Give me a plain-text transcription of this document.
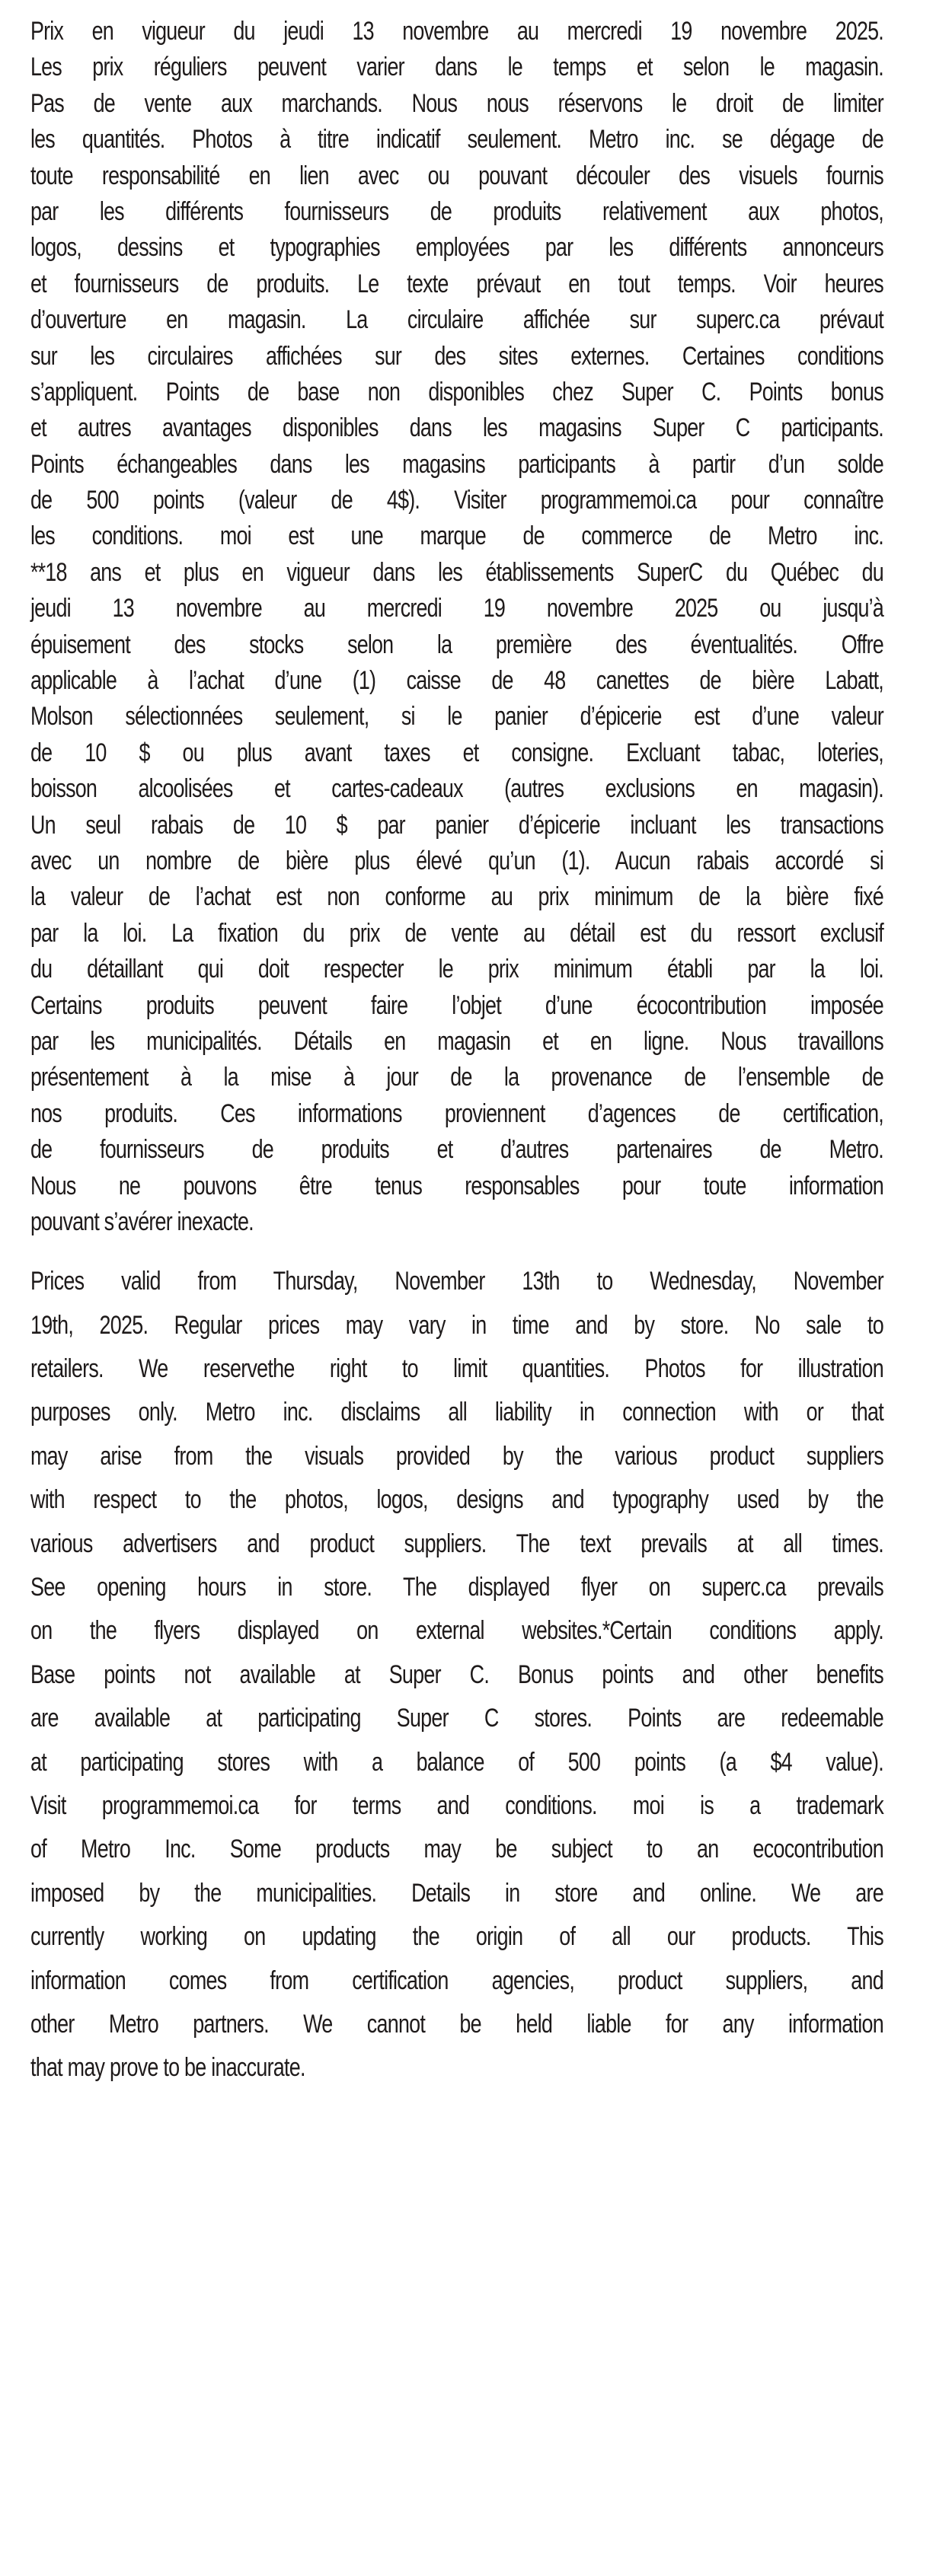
Prix en vigueur du jeudi 13 novembre au mercredi 19 novembre 2025.
Les prix réguliers peuvent varier dans le temps et selon le magasin.
Pas de vente aux marchands. Nous nous réservons le droit de limiter
les quantités. Photos à titre indicatif seulement. Metro inc. se dégage de
toute responsabilité en lien avec ou pouvant découler des visuels fournis
par les différents fournisseurs de produits relativement aux photos,
logos, dessins et typographies employées par les différents annonceurs
et fournisseurs de produits. Le texte prévaut en tout temps. Voir heures
d’ouverture en magasin. La circulaire affichée sur superc.ca prévaut
sur les circulaires affichées sur des sites externes. Certaines conditions
s’appliquent. Points de base non disponibles chez Super C. Points bonus
et autres avantages disponibles dans les magasins Super C participants.
Points échangeables dans les magasins participants à partir d’un solde
de 500 points (valeur de 4$). Visiter programmemoi.ca pour connaître
les conditions. moi est une marque de commerce de Metro inc.
**18 ans et plus en vigueur dans les établissements SuperC du Québec du
jeudi 13 novembre au mercredi 19 novembre 2025 ou jusqu’à
épuisement des stocks selon la première des éventualités. Offre
applicable à l’achat d’une (1) caisse de 48 canettes de bière Labatt,
Molson sélectionnées seulement, si le panier d’épicerie est d’une valeur
de 10 $ ou plus avant taxes et consigne. Excluant tabac, loteries,
boisson alcoolisées et cartes-cadeaux (autres exclusions en magasin).
Un seul rabais de 10 $ par panier d’épicerie incluant les transactions
avec un nombre de bière plus élevé qu’un (1). Aucun rabais accordé si
la valeur de l’achat est non conforme au prix minimum de la bière fixé
par la loi. La fixation du prix de vente au détail est du ressort exclusif
du détaillant qui doit respecter le prix minimum établi par la loi.
Certains produits peuvent faire l’objet d’une écocontribution imposée
par les municipalités. Détails en magasin et en ligne. Nous travaillons
présentement à la mise à jour de la provenance de l’ensemble de
nos produits. Ces informations proviennent d’agences de certification,
de fournisseurs de produits et d’autres partenaires de Metro.
Nous ne pouvons être tenus responsables pour toute information
pouvant s’avérer inexacte.
Prices valid from Thursday, November 13th to Wednesday, November
19th, 2025. Regular prices may vary in time and by store. No sale to
retailers. We reservethe right to limit quantities. Photos for illustration
purposes only. Metro inc. disclaims all liability in connection with or that
may arise from the visuals provided by the various product suppliers
with respect to the photos, logos, designs and typography used by the
various advertisers and product suppliers. The text prevails at all times.
See opening hours in store. The displayed flyer on superc.ca prevails
on the flyers displayed on external websites.*Certain conditions apply.
Base points not available at Super C. Bonus points and other benefits
are available at participating Super C stores. Points are redeemable
at participating stores with a balance of 500 points (a $4 value).
Visit programmemoi.ca for terms and conditions. moi is a trademark
of Metro Inc. Some products may be subject to an ecocontribution
imposed by the municipalities. Details in store and online. We are
currently working on updating the origin of all our products. This
information comes from certification agencies, product suppliers, and
other Metro partners. We cannot be held liable for any information
that may prove to be inaccurate.
